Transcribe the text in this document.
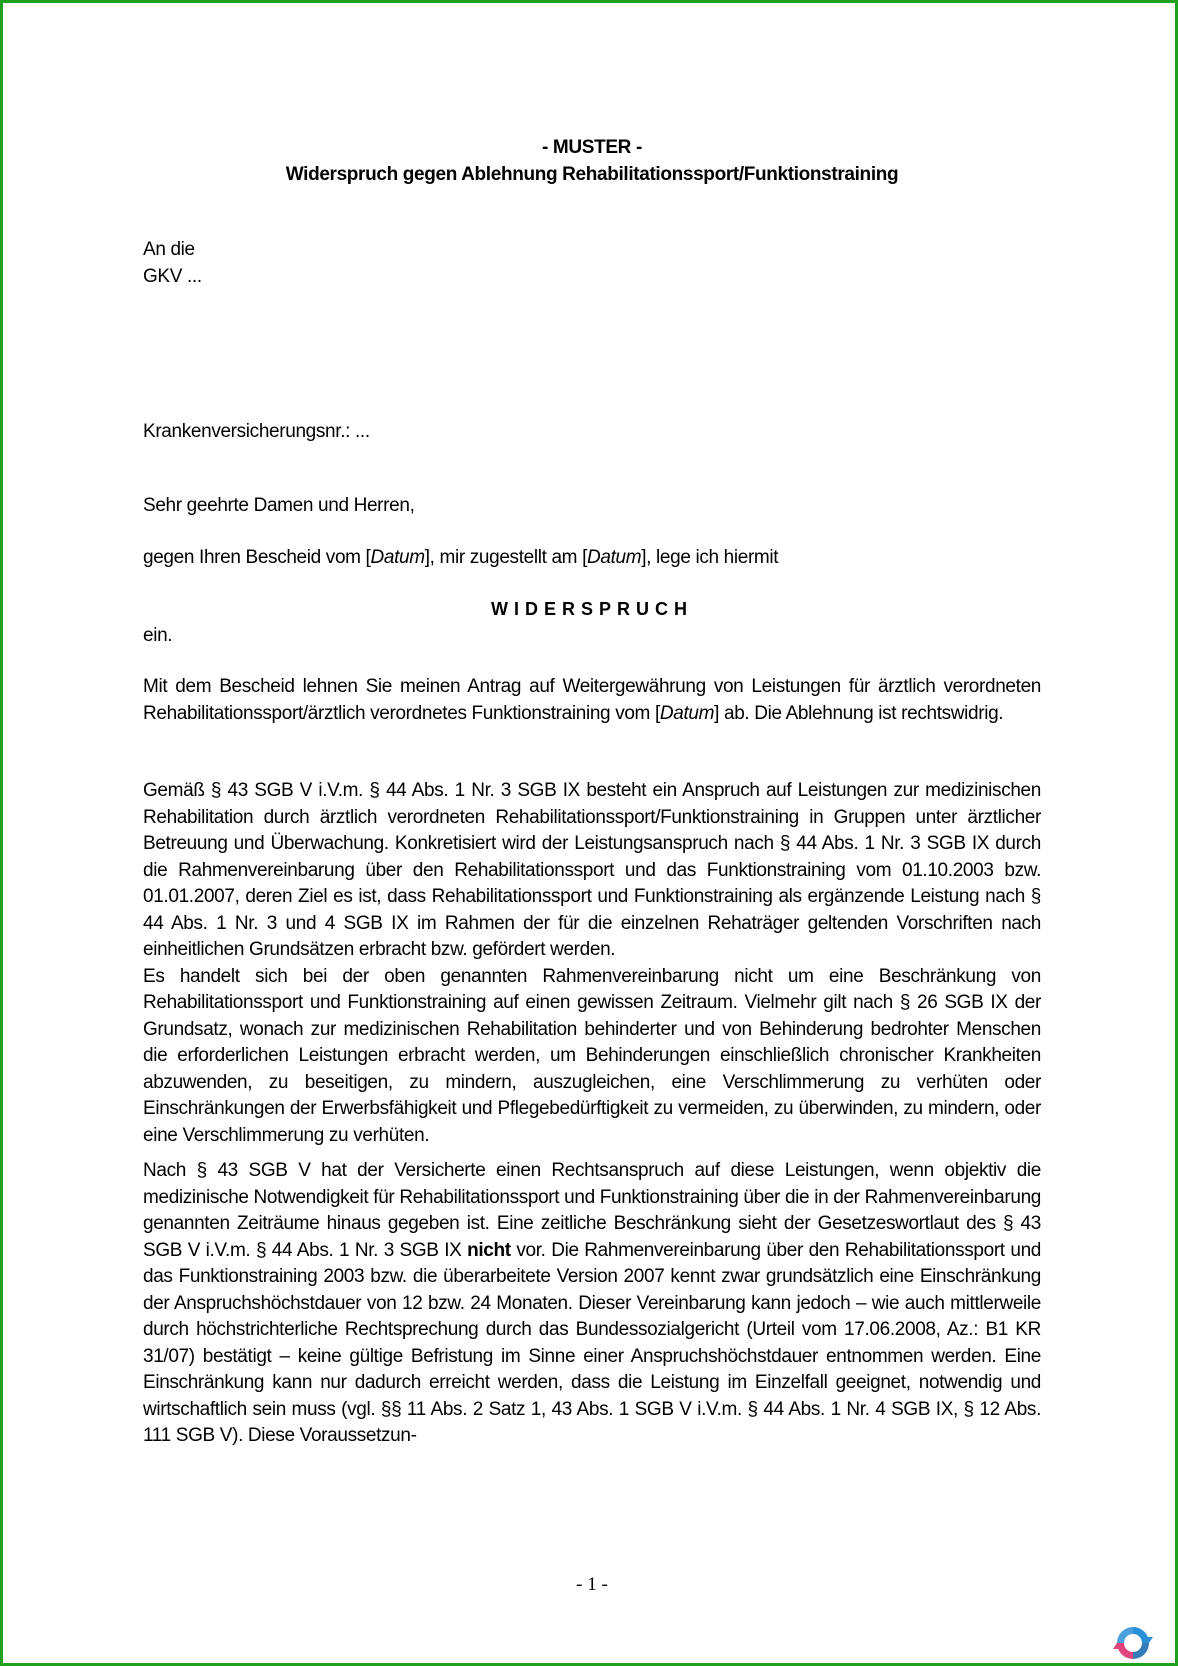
- MUSTER -
Widerspruch gegen Ablehnung Rehabilitationssport/Funktionstraining
An die
GKV ...
Krankenversicherungsnr.: ...
Sehr geehrte Damen und Herren,
gegen Ihren Bescheid vom [Datum], mir zugestellt am [Datum], lege ich hiermit
WIDERSPRUCH
ein.
Mit dem Bescheid lehnen Sie meinen Antrag auf Weitergewährung von Leistungen für ärztlich verordneten Rehabilitationssport/ärztlich verordnetes Funktionstraining vom [Datum] ab. Die Ablehnung ist rechtswidrig.

Gemäß § 43 SGB V i.V.m. § 44 Abs. 1 Nr. 3 SGB IX besteht ein Anspruch auf Leistungen zur medizinischen Rehabilitation durch ärztlich verordneten Rehabilitationssport/Funktionstraining in Gruppen unter ärztlicher Betreuung und Überwachung. Konkretisiert wird der Leistungsanspruch nach § 44 Abs. 1 Nr. 3 SGB IX durch die Rahmenvereinbarung über den Rehabilitationssport und das Funktionstraining vom 01.10.2003 bzw. 01.01.2007, deren Ziel es ist, dass Rehabilitationssport und Funktionstraining als ergänzende Leistung nach § 44 Abs. 1 Nr. 3 und 4 SGB IX im Rahmen der für die einzelnen Rehaträger geltenden Vorschriften nach einheitlichen Grundsätzen erbracht bzw. gefördert werden.

Es handelt sich bei der oben genannten Rahmenvereinbarung nicht um eine Beschränkung von Rehabilitationssport und Funktionstraining auf einen gewissen Zeitraum. Vielmehr gilt nach § 26 SGB IX der Grundsatz, wonach zur medizinischen Rehabilitation behinderter und von Behinderung bedrohter Menschen die erforderlichen Leistungen erbracht werden, um Behinderungen einschließlich chronischer Krankheiten abzuwenden, zu beseitigen, zu mindern, auszugleichen, eine Verschlimmerung zu verhüten oder Einschränkungen der Erwerbsfähigkeit und Pflegebedürftigkeit zu vermeiden, zu überwinden, zu mindern, oder eine Verschlimmerung zu verhüten.

Nach § 43 SGB V hat der Versicherte einen Rechtsanspruch auf diese Leistungen, wenn objektiv die medizinische Notwendigkeit für Rehabilitationssport und Funktionstraining über die in der Rahmenvereinbarung genannten Zeiträume hinaus gegeben ist. Eine zeitliche Beschränkung sieht der Gesetzeswortlaut des § 43 SGB V i.V.m. § 44 Abs. 1 Nr. 3 SGB IX nicht vor. Die Rahmenvereinbarung über den Rehabilitationssport und das Funktionstraining 2003 bzw. die überarbeitete Version 2007 kennt zwar grundsätzlich eine Einschränkung der Anspruchshöchstdauer von 12 bzw. 24 Monaten. Dieser Vereinbarung kann jedoch – wie auch mittlerweile durch höchstrichterliche Rechtsprechung durch das Bundessozialgericht (Urteil vom 17.06.2008, Az.: B1 KR 31/07) bestätigt – keine gültige Befristung im Sinne einer Anspruchshöchstdauer entnommen werden. Eine Einschränkung kann nur dadurch erreicht werden, dass die Leistung im Einzelfall geeignet, notwendig und wirtschaftlich sein muss (vgl. §§ 11 Abs. 2 Satz 1, 43 Abs. 1 SGB V i.V.m. § 44 Abs. 1 Nr. 4 SGB IX, § 12 Abs. 111 SGB V). Diese Voraussetzun-
- 1 -
